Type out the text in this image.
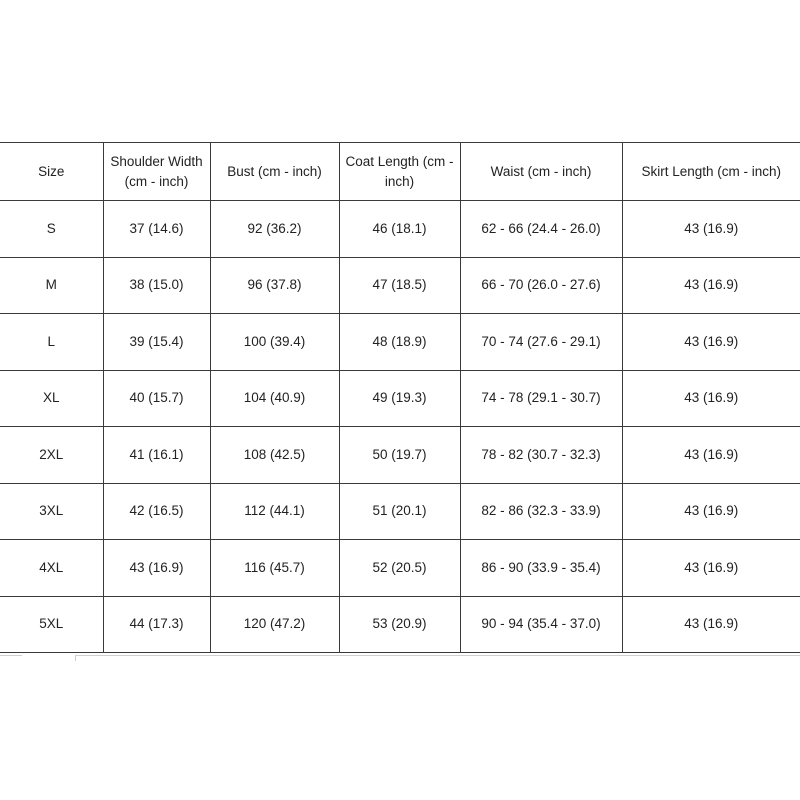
Size	Shoulder Width (cm - inch)	Bust (cm - inch)	Coat Length (cm - inch)	Waist (cm - inch)	Skirt Length (cm - inch)
S	37 (14.6)	92 (36.2)	46 (18.1)	62 - 66 (24.4 - 26.0)	43 (16.9)
M	38 (15.0)	96 (37.8)	47 (18.5)	66 - 70 (26.0 - 27.6)	43 (16.9)
L	39 (15.4)	100 (39.4)	48 (18.9)	70 - 74 (27.6 - 29.1)	43 (16.9)
XL	40 (15.7)	104 (40.9)	49 (19.3)	74 - 78 (29.1 - 30.7)	43 (16.9)
2XL	41 (16.1)	108 (42.5)	50 (19.7)	78 - 82 (30.7 - 32.3)	43 (16.9)
3XL	42 (16.5)	112 (44.1)	51 (20.1)	82 - 86 (32.3 - 33.9)	43 (16.9)
4XL	43 (16.9)	116 (45.7)	52 (20.5)	86 - 90 (33.9 - 35.4)	43 (16.9)
5XL	44 (17.3)	120 (47.2)	53 (20.9)	90 - 94 (35.4 - 37.0)	43 (16.9)
